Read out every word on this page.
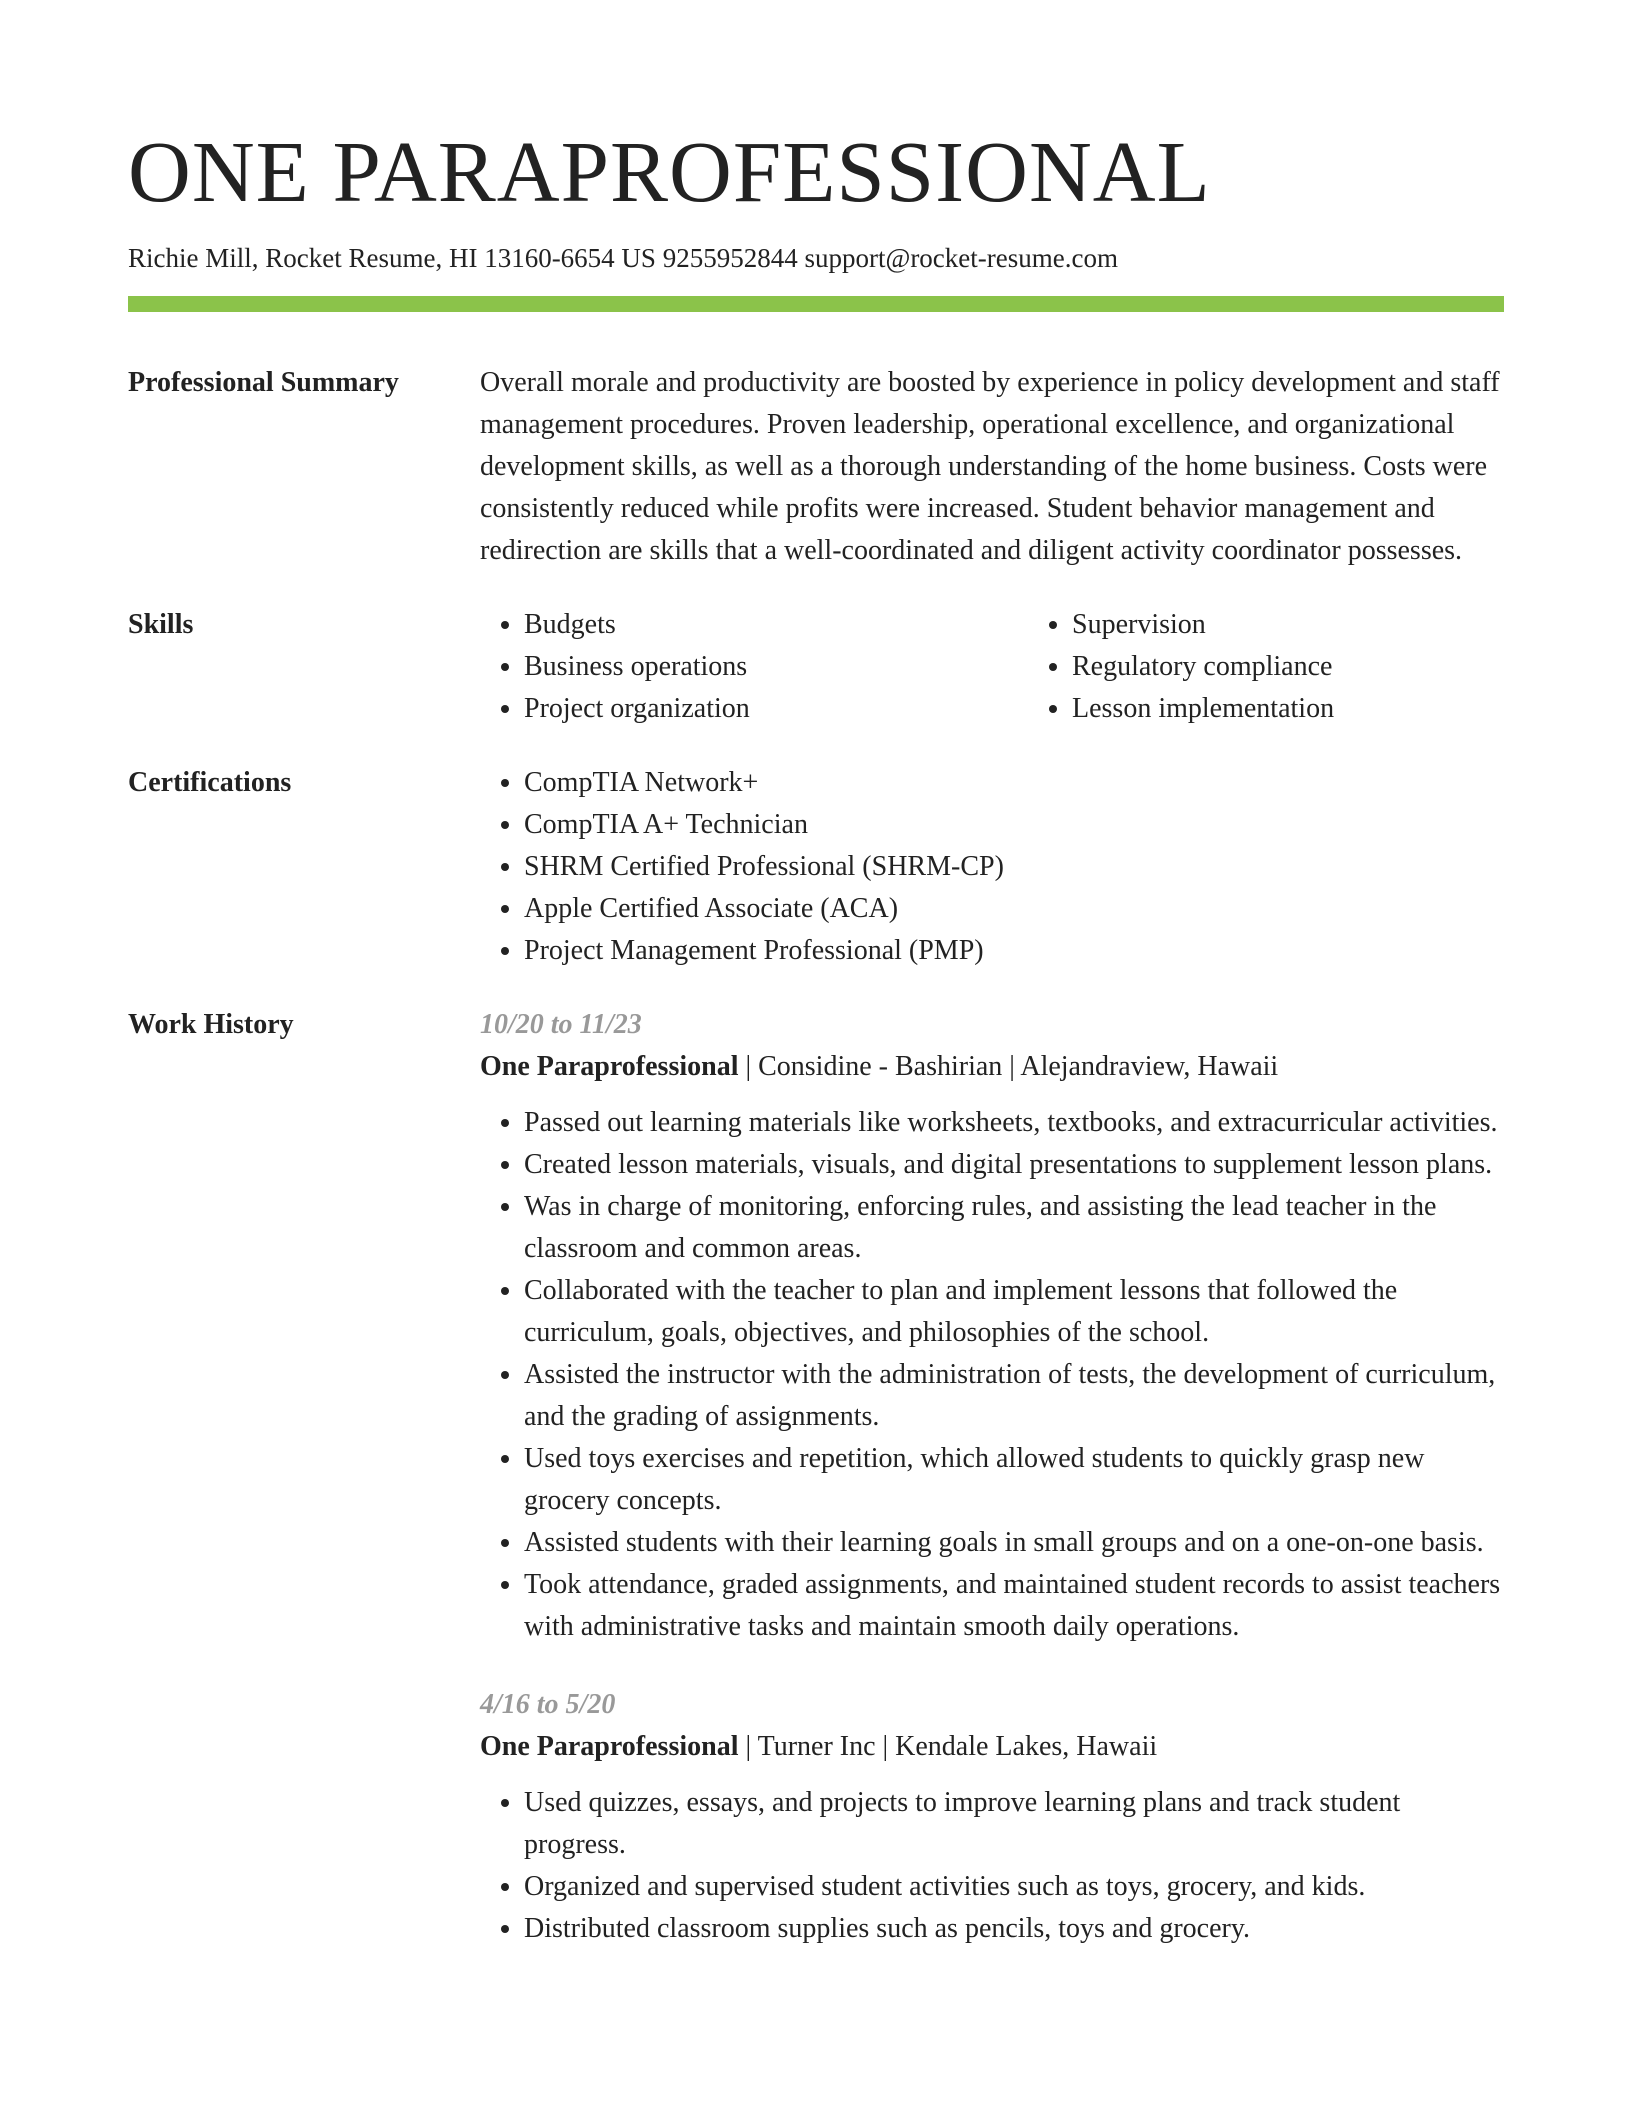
ONE PARAPROFESSIONAL
Richie Mill, Rocket Resume, HI 13160-6654 US 9255952844 support@rocket-resume.com
Professional Summary	Overall morale and productivity are boosted by experience in policy development and staff management procedures. Proven leadership, operational excellence, and organizational development skills, as well as a thorough understanding of the home business. Costs were consistently reduced while profits were increased. Student behavior management and redirection are skills that a well-coordinated and diligent activity coordinator possesses.
Skills	• Budgets
• Business operations
• Project organization
• Supervision
• Regulatory compliance
• Lesson implementation
Certifications	• CompTIA Network+
• CompTIA A+ Technician
• SHRM Certified Professional (SHRM-CP)
• Apple Certified Associate (ACA)
• Project Management Professional (PMP)
Work History	10/20 to 11/23
One Paraprofessional | Considine - Bashirian | Alejandraview, Hawaii
• Passed out learning materials like worksheets, textbooks, and extracurricular activities.
• Created lesson materials, visuals, and digital presentations to supplement lesson plans.
• Was in charge of monitoring, enforcing rules, and assisting the lead teacher in the classroom and common areas.
• Collaborated with the teacher to plan and implement lessons that followed the curriculum, goals, objectives, and philosophies of the school.
• Assisted the instructor with the administration of tests, the development of curriculum, and the grading of assignments.
• Used toys exercises and repetition, which allowed students to quickly grasp new grocery concepts.
• Assisted students with their learning goals in small groups and on a one-on-one basis.
• Took attendance, graded assignments, and maintained student records to assist teachers with administrative tasks and maintain smooth daily operations.
4/16 to 5/20
One Paraprofessional | Turner Inc | Kendale Lakes, Hawaii
• Used quizzes, essays, and projects to improve learning plans and track student progress.
• Organized and supervised student activities such as toys, grocery, and kids.
• Distributed classroom supplies such as pencils, toys and grocery.
